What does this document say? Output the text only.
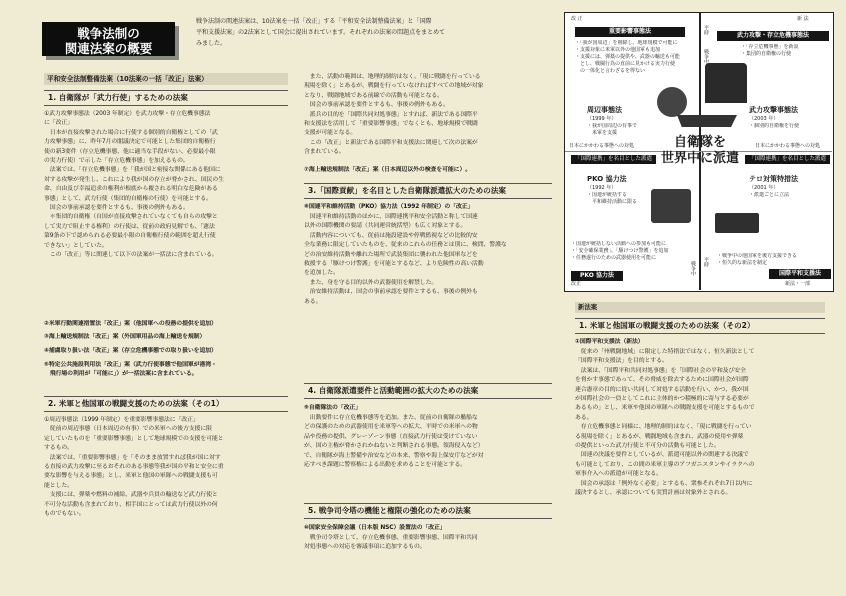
戦争法制の
関連法案の概要
戦争法制の関連法案は、10法案を一括「改正」する「平和安全法制整備法案」と「国際
平和支援法案」の2法案として国会に提出されています。それぞれの法案の問題点をまとめて
みました。
平和安全法制整備法案（10法案の一括「改正」法案）
1. 自衛隊が「武力行使」するための法案
①武力攻撃事態法（2003 年制定）を武力攻撃・存立危機事態法
に「改正」
　日本が直接攻撃された場合に行使する個別的自衛権としての「武
力攻撃事態」に、昨年7月の閣議決定で可能とした集団的自衛権行
使の新3要件（存立危機事態、他に適当な手段がない、必要最小限
の実力行使）で示した「存立危機事態」を加えるもの。
　法案では、「存立危機事態」を「我が国と密接な関係にある他国に
対する攻撃が発生し、これにより我が国の存立が脅かされ、国民の生
命、自由及び幸福追求の権利が根底から覆される明白な危険がある
事態」として、武力行使（集団的自衛権の行使）を可能とする。
　国会の事前承認を要件とするも、事後の例外もある。
　＊集団的自衛権（自国が直接攻撃されていなくても自らの攻撃と
して実力で阻止する権利）の行使は、従前の政府見解でも、「憲法
第9条の下で認められる必要最小限の自衛権行使の範囲を超え行使
できない」としていた。
　この「改正」等に関連して以下の法案が一括法に含まれている。
②米軍行動関連措置法「改正」案（他国軍への役務の提供を追加）
③海上輸送規制法「改正」案（外国軍用品の海上輸送を規制）
④捕虜取り扱い法「改正」案（存立危機事態での取り扱いを追加）
⑤特定公共施設利用法「改正」案（武力行使事態で他国軍が港湾・
　飛行場の利用が「可能に」）が一括法案に含まれている。
2. 米軍と他国軍の戦闘支援のための法案（その1）
①周辺事態法（1999 年制定）を重要影響事態法に「改正」
　従前の周辺事態（日本周辺の有事）での米軍への後方支援に限
定していたものを「重要影響事態」として地球規模での支援を可能と
するもの。
　法案では、「重要影響事態」を「そのまま放置すれば我が国に対す
る直接の武力攻撃に至るおそれのある事態等我が国の平和と安全に重
要な影響を与える事態」とし、米軍と他国の軍隊への戦闘支援も可
能とした。
　支援には、弾薬や燃料の補給、武器や兵員の輸送など武力行使と
不可分な活動も含まれており、相手国にとっては武力行使以外の何
ものでもない。
　また、活動の範囲は、地理的制約はなく、「現に戦闘を行っている
現場を除く」とあるが、戦闘を行っていなければすべての地域が対象
となり、戦闘地域である前線での活動も可能となる。
　国会の事前承認を要件とするも、事後の例外もある。
　派兵の目的を「国際共同対処事態」とすれば、新法である国際平
和支援法を活用して「重要影響事態」でなくとも、地球規模で戦闘
支援が可能となる。
　この「改正」と新法である国際平和支援法に関連して次の法案が
含まれている。
⑦海上輸送規制法「改正」案（日本周辺以外の検査を可能に）。
3.「国際貢献」を名目とした自衛隊派遣拡大のための法案
⑧国連平和維持活動（PKO）協力法（1992 年制定）の「改正」
　国連平和維持活動のほかに、国際連携平和安全活動と称して国連
以外の国際機関の要請（共同運営統括型）も広く対象とする。
　活動内容についても、従前は施設建設や停戦監視などの比較的安
全な業務に限定していたものを、従来のこれらの任務とは別に、検問、警護な
どの治安維持活動や離れた場所で武装集団に襲われた他国軍などを
救援する「駆けつけ警護」を可能とするなど、より危険性の高い活動
を追加した。
　また、身を守る目的以外の武器使用を解禁した。
　治安維持活動は、国会の事前承認を要件とするも、事後の例外も
ある。
4. 自衛隊派遣要件と活動範囲の拡大のための法案
⑨自衛隊法の「改正」
　出動要件に存立危機事態等を追加。また、従前の自衛隊の艦船な
どの保護のための武器使用を米軍等への拡大、平時での米軍への物
品や役務の提供、グレーゾーン事態（直接武力行使は受けていない
が、国の主権が脅かされかねないと判断される事態。領海侵入など）
で、自衛隊が海上警備や治安などの本来、警察や海上保安庁などが対
応すべき課題に警察権による出動を求めることを可能とする。
5. 戦争司令塔の機能と権限の強化のための法案
⑩国家安全保障会議（日本版 NSC）設置法の「改正」
　戦争司令塔として、存立危機事態、重要影響事態、国際平和共同
対処事態への対応を審議事項に追加するもの。
改 正	新 法
改正	新法・一部
重要影響事態法
・「我が国周辺」を削除し、地球規模で可能に
・支援対象に米軍以外の他国軍も追加
・支援には、弾薬の提供や、武器の輸送も可能
　とし、戦闘行為の直前に見かける実力行使
　の一体化と言わざるを得ない
武力攻撃・存立危機事態法
・「存立危機事態」を新設
・集団的自衛権の行使
周辺事態法
（1999 年）
・我が国周辺の有事で
　米軍を支援
武力攻撃事態法
（2003 年）
・個別的自衛権を行使
自衛隊を
世界中に派遣
「国際連携」を名目とした派遣	「国際連携」を名目とした派遣
日本にかかわる事態への対処	日本にかかわる事態への対処
PKO 協力法
（1992 年）
・国連が統括する
　平和維持活動に限る
テロ対策特措法
（2001 年）
・派遣ごとに立法
・国連が統括しない活動への参加も可能に
・「安全確保業務」、「駆けつけ警護」を追加
・任務遂行のための武器使用を可能に	・戦争中の他国軍を後方支援できる
・恒久的な新法を制定
PKO 協力法	国際平和支援法
平時
戦争中
平時
戦争中
新法案
1. 米軍と他国軍の戦闘支援のための法案（その2）
①国際平和支援法（新法）
　従来の「州戦闘地域」に限定した特措法ではなく、恒久新法として
「国際平和支援法」を目的とする。
　法案は、「国際平和共同対処事態」を「国際社会の平和及び安全
を脅かす事態であって、その脅威を除去するために国際社会が国際
連合憲章の目的に従い共同して対処する活動を行い、かつ、我が国
が国際社会の一員としてこれに主体的かつ積極的に寄与する必要が
あるもの」とし、米軍や他国の軍隊への戦闘支援を可能とするもので
ある。
　存立危機事態と同様に、地理的制約はなく、「現に戦闘を行ってい
る現場を除く」とあるが、戦闘地域も含まれ、武器の使用や弾薬
の提供といった武力行使と不可分の活動も可能とした。
　国連の決議を要件としているが、派遣可能以外の関連する決議で
も可能としており、この間の米軍主導のアフガニスタンやイラクへの
軍事介入への派遣が可能となる。
　国会の承認は「例外なく必要」とするも、衆参それぞれ7日以内に
議決するとし、承認についても実質計画は対象外とされる。
